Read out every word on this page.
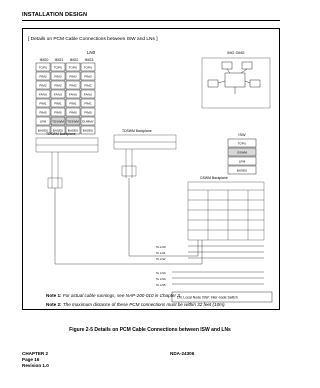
INSTALLATION DESIGN
[ Details on PCM Cable Connections between ISW and LNs ]
LN0
IMG0 IMG1 IMG2 IMG3
TOPU TOPU TOPU TOPU
PIM3	PIM3	PIM3	PIM3
PIM2	PIM2	PIM2	PIM2
FANU FANU FANU FANU
PIM1	PIM1	PIM1	PIM1
PIM0	PIM0	PIM0	PIM0
LPM TDSWM TDSWM DUMMY
BASEU BASEU BASEU BASEU
IMG GMG
ISW
TOPU
GSWM
LPM
BASEU
TDSWM Backplane
TDSWM Backplane
GSWM Backplane
To LN0
To LN1
To LN2
To LN3
To LN4
To LN5
LN: Local Node ISW: Inter-node Switch
Note 1: For actual cable runnings, see NAP-200-010 in Chapter 3.
Note 2: The maximum distance of these PCM connections must be within 32 feet (10m).
Figure 2-5 Details on PCM Cable Connections between ISW and LNs
CHAPTER 2
Page 16
Revision 1.0
NDA-24306
